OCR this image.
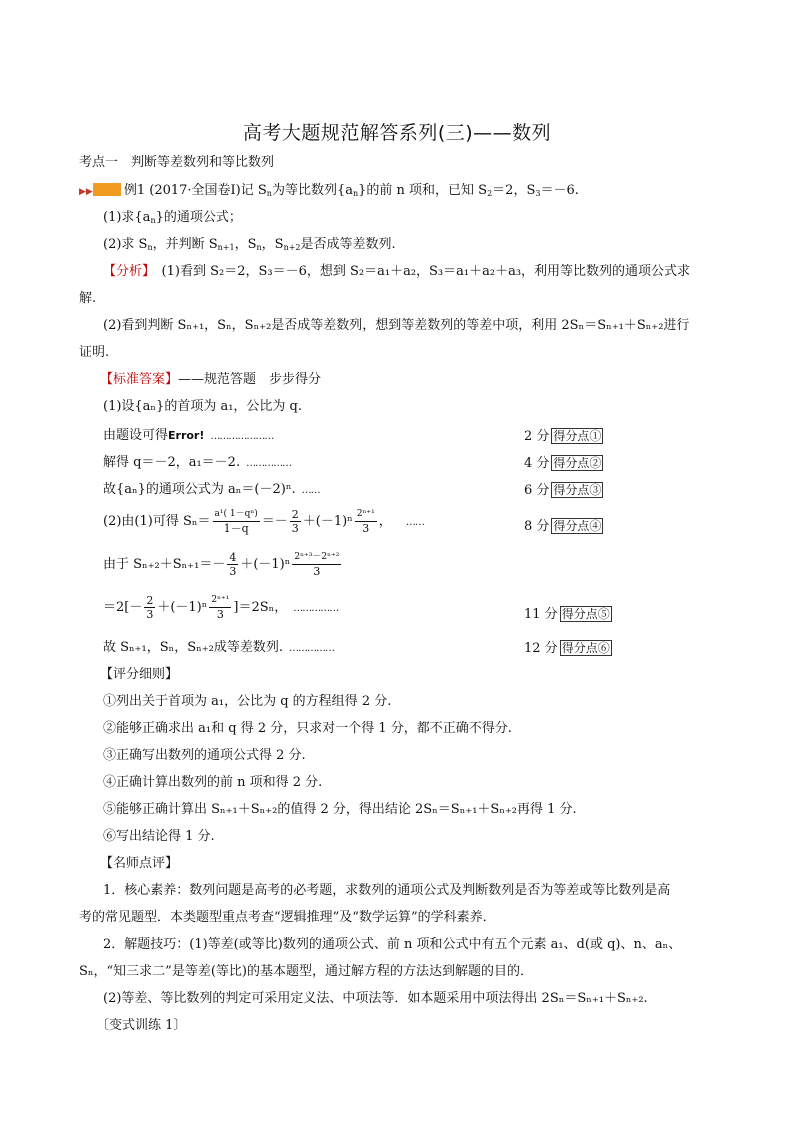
高考大题规范解答系列(三)——数列
考点一　判断等差数列和等比数列
▶▶ 例1 (2017·全国卷Ⅰ)记 $S_n$为等比数列$\{a_n\}$的前 n 项和，已知 $S_2=2$，$S_3=-6$.
(1)求$\{a_n\}$的通项公式；
(2)求 $S_n$，并判断 $S_{n+1}$，$S_n$，$S_{n+2}$是否成等差数列.
【分析】　 (1)看到 S₂＝2，S₃＝－6，想到 S₂＝a₁＋a₂，S₃＝a₁＋a₂＋a₃，利用等比数列的通项公式求
解.
(2)看到判断 Sₙ₊₁，Sₙ，Sₙ₊₂是否成等差数列，想到等差数列的等差中项，利用 2Sₙ＝Sₙ₊₁＋Sₙ₊₂进行
证明.
【标准答案】——规范答题　步步得分
(1)设{aₙ}的首项为 a₁，公比为 q.
由题设可得Error! …………………	2 分 得分点①
解得 q＝－2，a₁＝－2. ……………	4 分 得分点②
故{aₙ}的通项公式为 aₙ＝(－2)ⁿ. ……	6 分 得分点③
(2)由(1)可得 $S_n= \frac{\text{a¹( 1－qⁿ)}}{1-q} =- \frac{2}{3} +(-1)^n \frac{\text{2ⁿ⁺¹}}{3}$ ， ……	8 分 得分点④
由于 $S_{n+2}+S_{n+1}=- \frac{4}{3} +(-1)^n \frac{\text{2ⁿ⁺³－2ⁿ⁺²}}{3}$
$=2[- \frac{2}{3} +(-1)^n \frac{\text{2ⁿ⁺¹}}{3} ]=2S_n$， ……………	11 分 得分点⑤
故 Sₙ₊₁，Sₙ，Sₙ₊₂成等差数列. ……………	12 分 得分点⑥
【评分细则】
①列出关于首项为 a₁，公比为 q 的方程组得 2 分.
②能够正确求出 a₁和 q 得 2 分，只求对一个得 1 分，都不正确不得分.
③正确写出数列的通项公式得 2 分.
④正确计算出数列的前 n 项和得 2 分.
⑤能够正确计算出 Sₙ₊₁＋Sₙ₊₂的值得 2 分，得出结论 2Sₙ＝Sₙ₊₁＋Sₙ₊₂再得 1 分.
⑥写出结论得 1 分.
【名师点评】
1．核心素养：数列问题是高考的必考题，求数列的通项公式及判断数列是否为等差或等比数列是高
考的常见题型．本类题型重点考查“逻辑推理”及“数学运算”的学科素养．
2．解题技巧：(1)等差(或等比)数列的通项公式、前 n 项和公式中有五个元素 a₁、d(或 q)、n、aₙ、
Sₙ，“知三求二”是等差(等比)的基本题型，通过解方程的方法达到解题的目的．
(2)等差、等比数列的判定可采用定义法、中项法等．如本题采用中项法得出 2Sₙ＝Sₙ₊₁＋Sₙ₊₂.
〔变式训练 1〕
